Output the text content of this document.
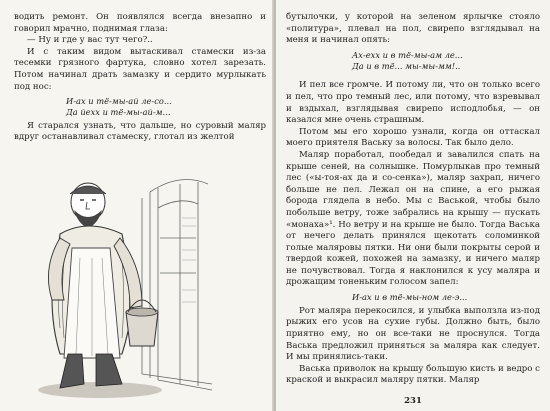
водить ремонт. Он появлялся всегда внезапно и говорил мрачно, поднимая глаза:

— Ну и где у вас тут чего?..

И с таким видом вытаскивал стамески из-за тесемки грязного фартука, словно хотел зарезать. Потом начинал драть замазку и сердито мурлыкать под нос:

И-ах и тё-мы-ай ле-со...
Да йехх и тё-мы-ай-м...

Я старался узнать, что дальше, но суровый маляр вдруг останавливал стамеску, глотал из желтой

бутылочки, у которой на зеленом ярлычке стояло «политура», плевал на пол, свирепо взглядывал на меня и начинал опять:

Ах-ехх и в тё-мы-ам ле...
Да и в тё... мы-мы-мм!..

И пел все громче. И потому ли, что он только всего и пел, что про темный лес, или потому, что взревывал и вздыхал, взглядывая свирепо исподлобья, — он казался мне очень страшным.

Потом мы его хорошо узнали, когда он оттаскал моего приятеля Ваську за волосы. Так было дело.

Маляр поработал, пообедал и завалился спать на крыше сеней, на солнышке. Помурлыкав про темный лес («ы-тоя-ах да и со-сенка»), маляр захрап, ничего больше не пел. Лежал он на спине, а его рыжая борода глядела в небо. Мы с Васькой, чтобы было побольше ветру, тоже забрались на крышу — пускать «монаха»¹. Но ветру и на крыше не было. Тогда Васька от нечего делать принялся щекотать соломинкой голые маляровы пятки. Ни они были покрыты серой и твердой кожей, похожей на замазку, и ничего маляр не почувствовал. Тогда я наклонился к усу маляра и дрожащим тоненьким голосом запел:

И-ах и в тё-мы-ном ле-э...

Рот маляра перекосился, и улыбка выползла из-под рыжих его усов на сухие губы. Должно быть, было приятно ему, но он все-таки не проснулся. Тогда Васька предложил приняться за маляра как следует. И мы принялись-таки.

Васька приволок на крышу большую кисть и ведро с краской и выкрасил маляру пятки. Маляр

231
